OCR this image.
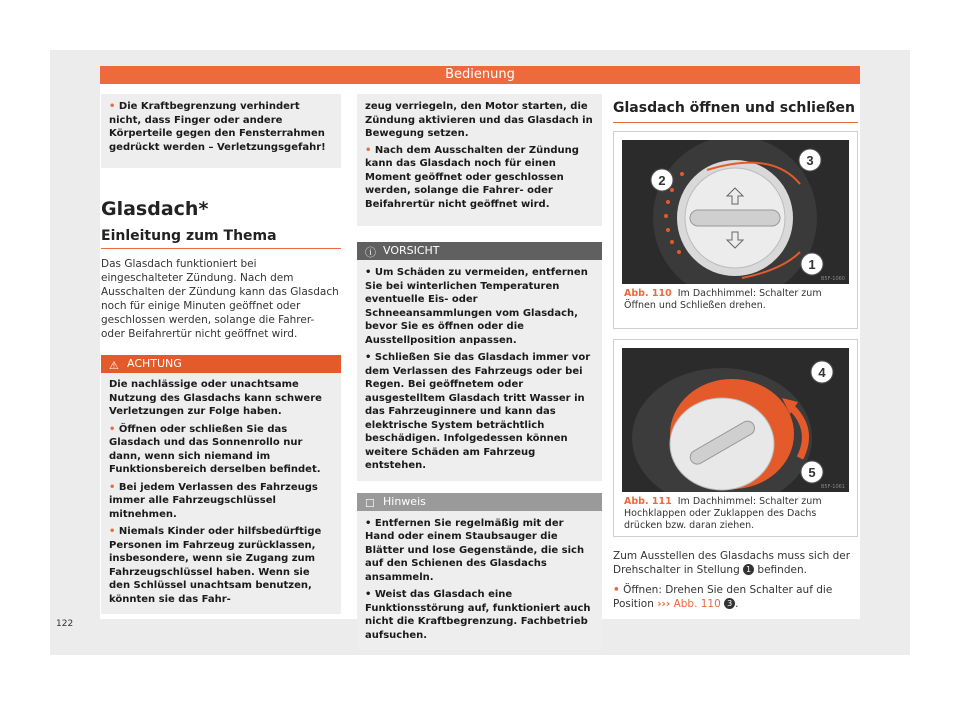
Bedienung
• Die Kraftbegrenzung verhindert nicht, dass Finger oder andere Körperteile gegen den Fensterrahmen gedrückt werden – Verletzungsgefahr!
Glasdach*
Einleitung zum Thema

Das Glasdach funktioniert bei eingeschalteter Zündung. Nach dem Ausschalten der Zündung kann das Glasdach noch für einige Minuten geöffnet oder geschlossen werden, solange die Fahrer- oder Beifahrertür nicht geöffnet wird.

⚠ ACHTUNG

Die nachlässige oder unachtsame Nutzung des Glasdachs kann schwere Verletzungen zur Folge haben.

• Öffnen oder schließen Sie das Glasdach und das Sonnenrollo nur dann, wenn sich niemand im Funktionsbereich derselben befindet.

• Bei jedem Verlassen des Fahrzeugs immer alle Fahrzeugschlüssel mitnehmen.

• Niemals Kinder oder hilfsbedürftige Personen im Fahrzeug zurücklassen, insbesondere, wenn sie Zugang zum Fahrzeugschlüssel haben. Wenn sie den Schlüssel unachtsam benutzen, könnten sie das Fahr-

zeug verriegeln, den Motor starten, die Zündung aktivieren und das Glasdach in Bewegung setzen.

• Nach dem Ausschalten der Zündung kann das Glasdach noch für einen Moment geöffnet oder geschlossen werden, solange die Fahrer- oder Beifahrertür nicht geöffnet wird.

ⓘ VORSICHT

• Um Schäden zu vermeiden, entfernen Sie bei winterlichen Temperaturen eventuelle Eis- oder Schneeansammlungen vom Glasdach, bevor Sie es öffnen oder die Ausstellposition anpassen.

• Schließen Sie das Glasdach immer vor dem Verlassen des Fahrzeugs oder bei Regen. Bei geöffnetem oder ausgestelltem Glasdach tritt Wasser in das Fahrzeuginnere und kann das elektrische System beträchtlich beschädigen. Infolgedessen können weitere Schäden am Fahrzeug entstehen.

☐ Hinweis

• Entfernen Sie regelmäßig mit der Hand oder einem Staubsauger die Blätter und lose Gegenstände, die sich auf den Schienen des Glasdachs ansammeln.

• Weist das Glasdach eine Funktionsstörung auf, funktioniert auch nicht die Kraftbegrenzung. Fachbetrieb aufsuchen.

Glasdach öffnen und schließen
3
2
1
B5F-1060
Abb. 110 Im Dachhimmel: Schalter zum Öffnen und Schließen drehen.
4
5
B5F-1061
Abb. 111 Im Dachhimmel: Schalter zum Hochklappen oder Zuklappen des Dachs drücken bzw. daran ziehen.

Zum Ausstellen des Glasdachs muss sich der Drehschalter in Stellung 1 befinden.

• Öffnen: Drehen Sie den Schalter auf die Position ››› Abb. 110 3 .

122
